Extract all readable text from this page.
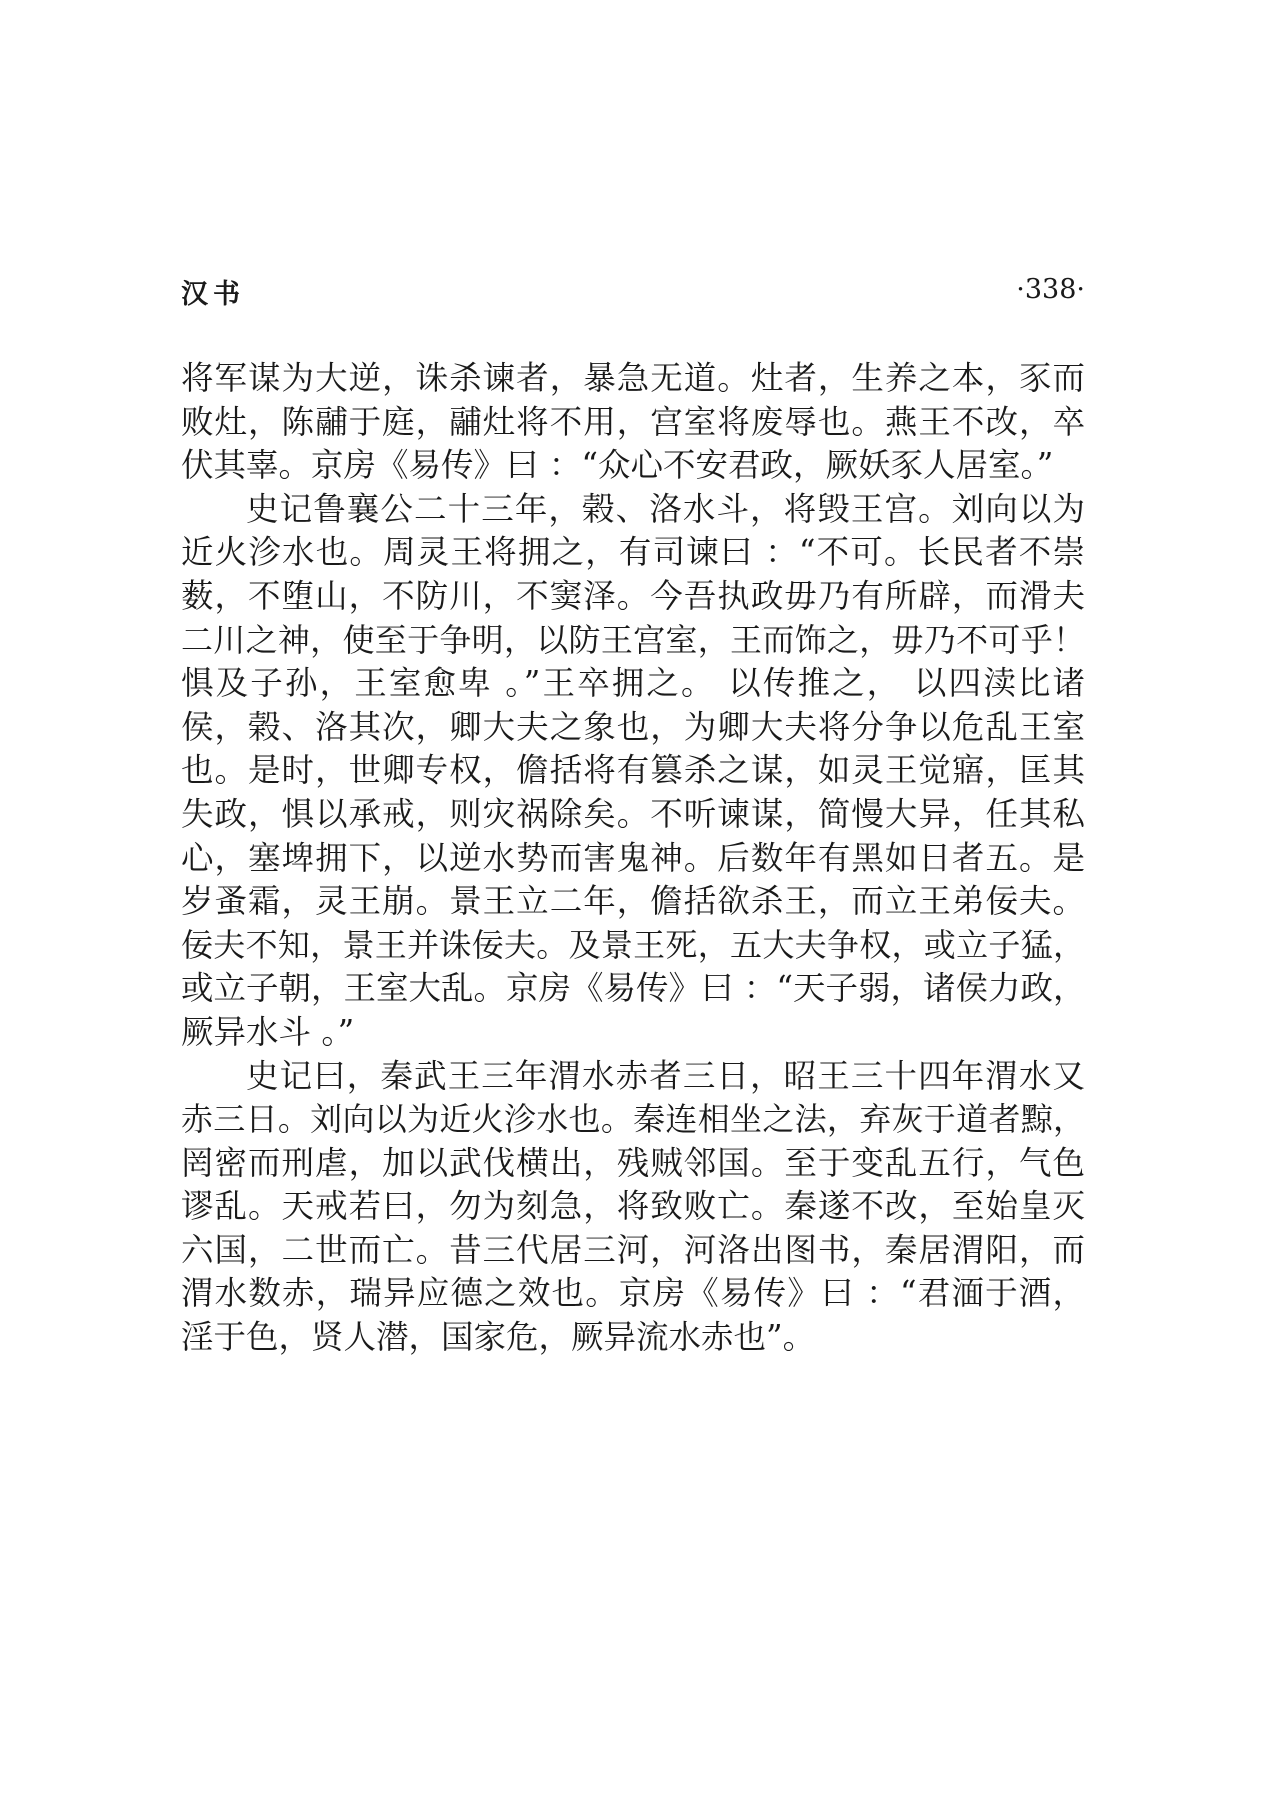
汉书	·338·
将军谋为大逆，诛杀谏者，暴急无道。灶者，生养之本，豕而
败灶，陈鬴于庭，鬴灶将不用，宫室将废辱也。燕王不改，卒
伏其辜。京房《易传》曰 ：“众心不安君政，厥妖豕人居室。”
史记鲁襄公二十三年，榖、洛水斗，将毁王宫。刘向以为
近火沴水也。周灵王将拥之，有司谏曰 ：“不可。长民者不崇
薮，不堕山，不防川，不窦泽。今吾执政毋乃有所辟，而滑夫
二川之神，使至于争明，以防王宫室，王而饰之，毋乃不可乎！
惧及子孙，王室愈卑 。”王卒拥之。 以传推之， 以四渎比诸
侯，榖、洛其次，卿大夫之象也，为卿大夫将分争以危乱王室
也。是时，世卿专权，儋括将有篡杀之谋，如灵王觉寤，匡其
失政，惧以承戒，则灾祸除矣。不听谏谋，简慢大异，任其私
心，塞埤拥下，以逆水势而害鬼神。后数年有黑如日者五。是
岁蚤霜，灵王崩。景王立二年，儋括欲杀王，而立王弟佞夫。
佞夫不知，景王并诛佞夫。及景王死，五大夫争权，或立子猛，
或立子朝，王室大乱。京房《易传》曰 ：“天子弱，诸侯力政，
厥异水斗 。”
史记曰，秦武王三年渭水赤者三日，昭王三十四年渭水又
赤三日。刘向以为近火沴水也。秦连相坐之法，弃灰于道者黥，
罔密而刑虐，加以武伐横出，残贼邻国。至于变乱五行，气色
谬乱。天戒若曰，勿为刻急，将致败亡。秦遂不改，至始皇灭
六国，二世而亡。昔三代居三河，河洛出图书，秦居渭阳，而
渭水数赤，瑞异应德之效也。京房《易传》曰 ：“君湎于酒，
淫于色，贤人潜，国家危，厥异流水赤也”。
